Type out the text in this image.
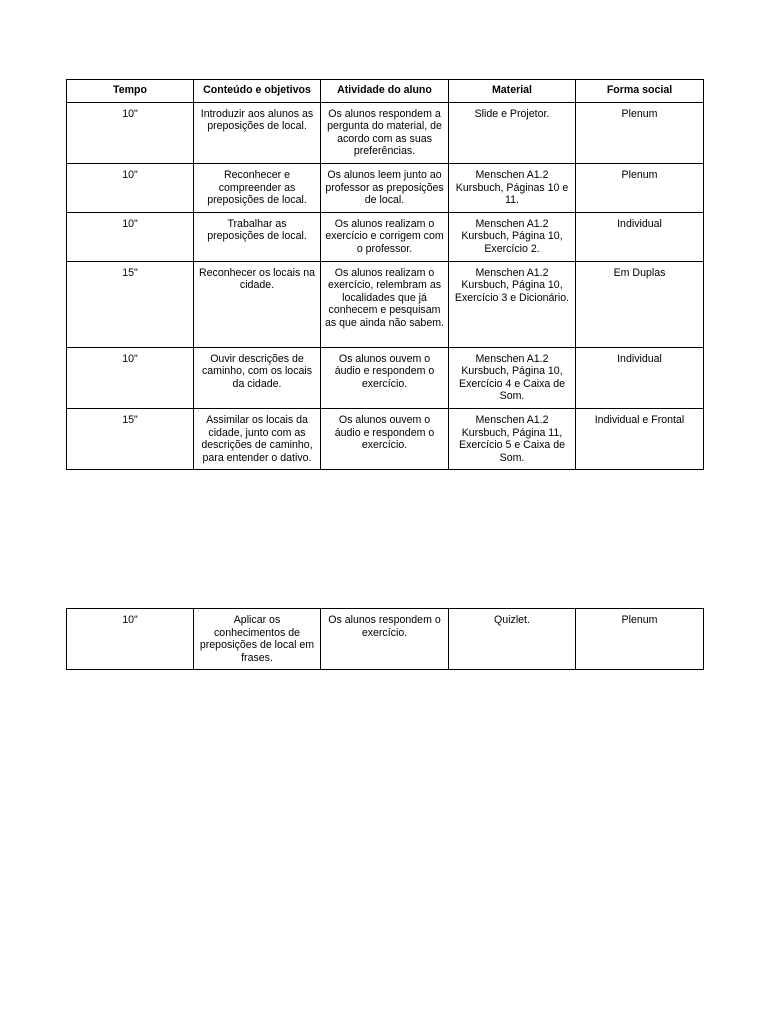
Tempo	Conteúdo e objetivos	Atividade do aluno	Material	Forma social
10"	Introduzir aos alunos as preposições de local.	Os alunos respondem a pergunta do material, de acordo com as suas preferências.	Slide e Projetor.	Plenum
10"	Reconhecer e compreender as preposições de local.	Os alunos leem junto ao professor as preposições de local.	Menschen A1.2 Kursbuch, Páginas 10 e 11.	Plenum
10"	Trabalhar as preposições de local.	Os alunos realizam o exercício e corrigem com o professor.	Menschen A1.2 Kursbuch, Página 10, Exercício 2.	Individual
15"	Reconhecer os locais na cidade.	Os alunos realizam o exercício, relembram as localidades que já conhecem e pesquisam as que ainda não sabem.	Menschen A1.2 Kursbuch, Página 10, Exercício 3 e Dicionário.	Em Duplas
10"	Ouvir descrições de caminho, com os locais da cidade.	Os alunos ouvem o áudio e respondem o exercício.	Menschen A1.2 Kursbuch, Página 10, Exercício 4 e Caixa de Som.	Individual
15"	Assimilar os locais da cidade, junto com as descrições de caminho, para entender o dativo.	Os alunos ouvem o áudio e respondem o exercício.	Menschen A1.2 Kursbuch, Página 11, Exercício 5 e Caixa de Som.	Individual e Frontal
10"	Aplicar os conhecimentos de preposições de local em frases.	Os alunos respondem o exercício.	Quizlet.	Plenum
